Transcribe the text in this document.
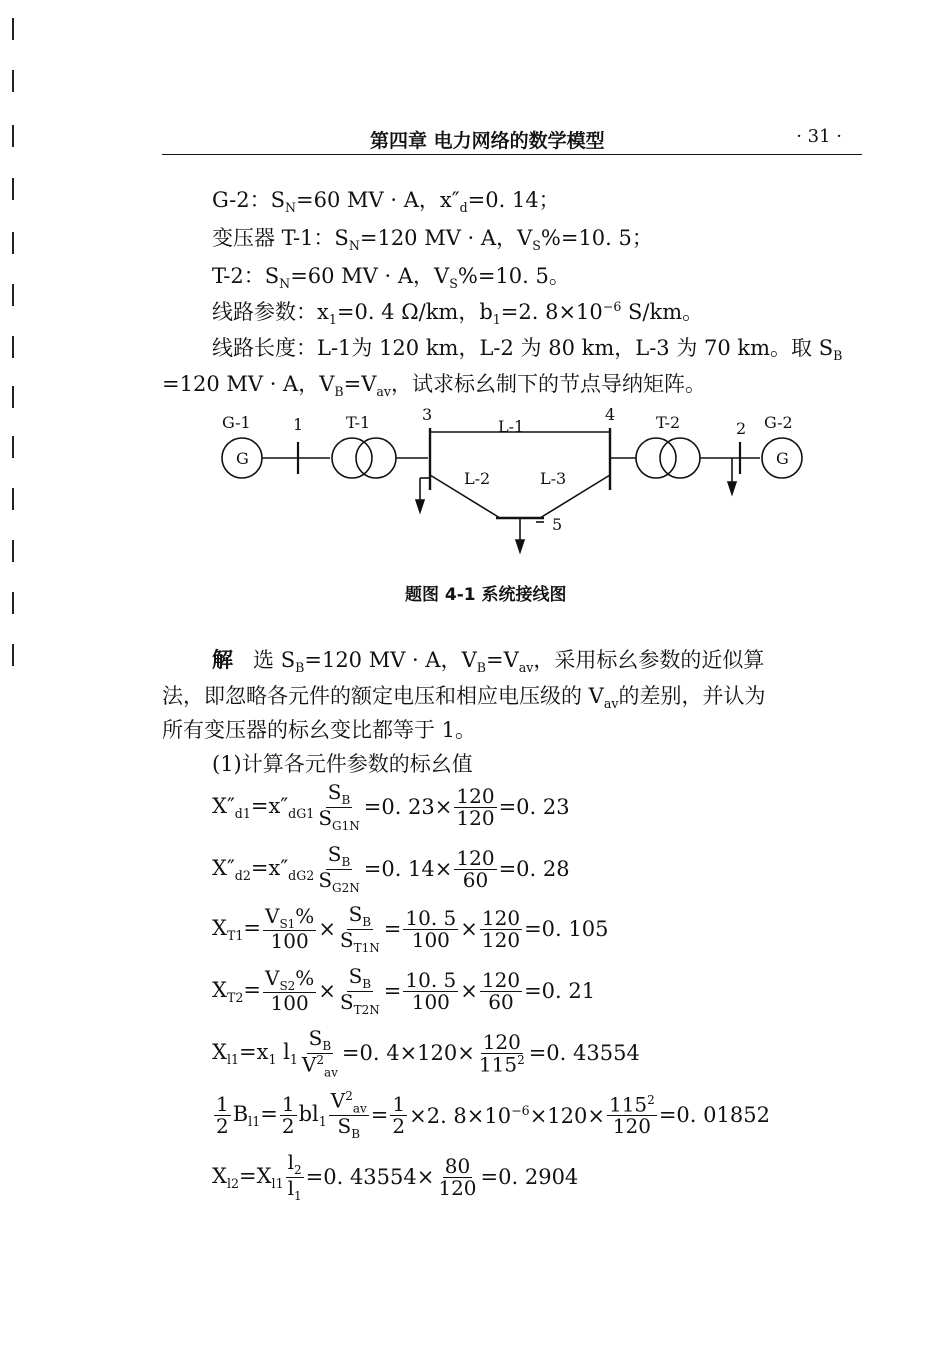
第四章 电力网络的数学模型	· 31 ·
G-2：$S_N=60$ MV · A，$x''_d=0$. 14；
变压器 T-1：$S_N=120$ MV · A，$V_S\%=10$. 5；
T-2：$S_N=60$ MV · A，$V_S\%=10$. 5。
线路参数：$x_1=0$. 4 Ω/km，$b_1=2$. $8\times 10^{-6}$ S/km。
线路长度：L-1为 120 km，L-2 为 80 km，L-3 为 70 km。取 $S_B$
=120 MV · A，$V_B=V_{av}$，试求标幺制下的节点导纳矩阵。
G-1	1	T-1	3
L-1
4	T-2	2 G-2
L-2	L-3
5
G	G
题图 4-1 系统接线图
解 选 $S_B=120$ MV · A，$V_B=V_{av}$，采用标幺参数的近似算
法，即忽略各元件的额定电压和相应电压级的 $V_{av}$的差别，并认为
所有变压器的标幺变比都等于 1。
(1)计算各元件参数的标幺值
$X''_{d1}=x''_{dG1} \frac{S_B}{S_{G1N}} =0$. $23\times \frac{120}{120} =0$. 23
$X''_{d2}=x''_{dG2} \frac{S_B}{S_{G2N}} =0$. $14\times \frac{120}{60} =0$. 28
$X_{T1}= \frac{V_{S1}\%}{100} \times \frac{S_B}{S_{T1N}} = \frac{10. 5}{100} \times \frac{120}{120} =0$. 105
$X_{T2}= \frac{V_{S2}\%}{100} \times \frac{S_B}{S_{T2N}} = \frac{10. 5}{100} \times \frac{120}{60} =0$. 21
$X_{l1}=x_1$ $l_1 \frac{S_B}{V^2_{av}} =0$. $4\times 120\times \frac{120}{115^2} =0$. 43554
$\frac{1}{2} B_{l1}= \frac{1}{2} bl_1 \frac{V^2_{av}}{S_B} = \frac{1}{2} \times 2$. $8\times 10^{-6}\times 120\times \frac{115^2}{120} =0$. 01852
$X_{l2}=X_{l1} \frac{l_2}{l_1} =0$. $43554\times \frac{80}{120} =0$. 2904
